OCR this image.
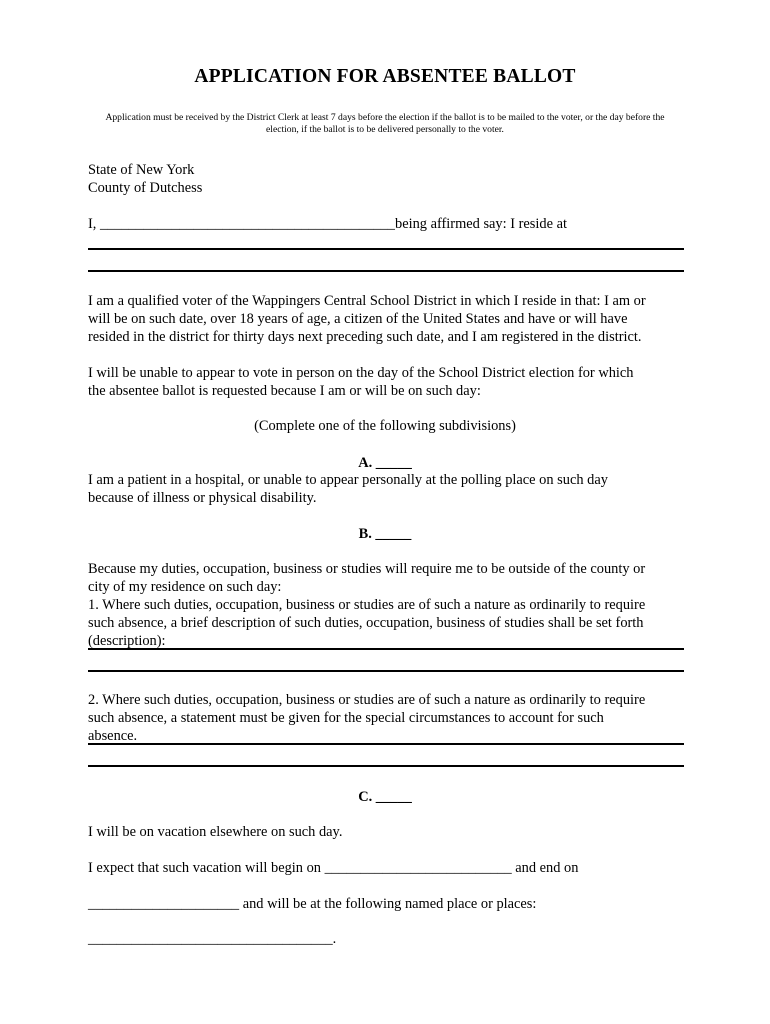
APPLICATION FOR ABSENTEE BALLOT
Application must be received by the District Clerk at least 7 days before the election if the ballot is to be mailed to the voter, or the day before the
election, if the ballot is to be delivered personally to the voter.
State of New York
County of Dutchess
I, _________________________________________being affirmed say: I reside at
I am a qualified voter of the Wappingers Central School District in which I reside in that: I am or
will be on such date, over 18 years of age, a citizen of the United States and have or will have
resided in the district for thirty days next preceding such date, and I am registered in the district.
I will be unable to appear to vote in person on the day of the School District election for which
the absentee ballot is requested because I am or will be on such day:
(Complete one of the following subdivisions)
A. _____
I am a patient in a hospital, or unable to appear personally at the polling place on such day
because of illness or physical disability.
B. _____
Because my duties, occupation, business or studies will require me to be outside of the county or
city of my residence on such day:
1. Where such duties, occupation, business or studies are of such a nature as ordinarily to require
such absence, a brief description of such duties, occupation, business of studies shall be set forth
(description):
2. Where such duties, occupation, business or studies are of such a nature as ordinarily to require
such absence, a statement must be given for the special circumstances to account for such
absence.
C. _____
I will be on vacation elsewhere on such day.
I expect that such vacation will begin on __________________________ and end on
_____________________ and will be at the following named place or places:
__________________________________.
